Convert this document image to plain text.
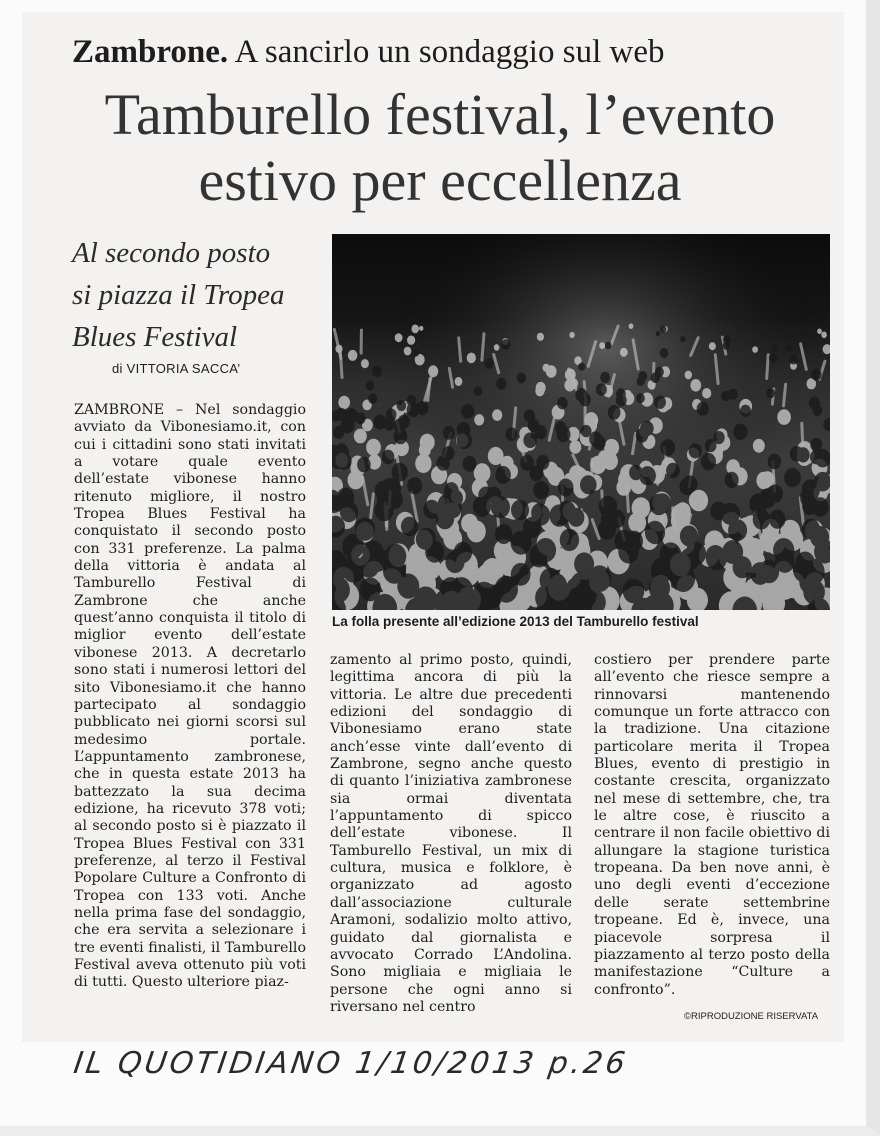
Zambrone. A sancirlo un sondaggio sul web
Tamburello festival, l’evento
estivo per eccellenza
Al secondo posto
si piazza il Tropea
Blues Festival
di VITTORIA SACCA’
La folla presente all’edizione 2013 del Tamburello festival

ZAMBRONE – Nel sondaggio avviato da Vibonesiamo.it, con cui i cittadini sono stati invitati a votare quale evento dell’estate vibonese hanno ritenuto migliore, il nostro Tropea Blues Festival ha conquistato il secondo posto con 331 preferenze. La palma della vittoria è andata al Tamburello Festival di Zambrone che anche quest’anno conquista il titolo di miglior evento dell’estate vibonese 2013. A decretarlo sono stati i numerosi lettori del sito Vibonesiamo.it che hanno partecipato al sondaggio pubblicato nei giorni scorsi sul medesimo portale. L’appuntamento zambronese, che in questa estate 2013 ha battezzato la sua decima edizione, ha ricevuto 378 voti; al secondo posto si è piazzato il Tropea Blues Festival con 331 preferenze, al terzo il Festival Popolare Culture a Confronto di Tropea con 133 voti. Anche nella prima fase del sondaggio, che era servita a selezionare i tre eventi finalisti, il Tamburello Festival aveva ottenuto più voti di tutti. Questo ulteriore piaz-

zamento al primo posto, quindi, legittima ancora di più la vittoria. Le altre due precedenti edizioni del sondaggio di Vibonesiamo erano state anch’esse vinte dall’evento di Zambrone, segno anche questo di quanto l’iniziativa zambronese sia ormai diventata l’appuntamento di spicco dell’estate vibonese. Il Tamburello Festival, un mix di cultura, musica e folklore, è organizzato ad agosto dall’associazione culturale Aramoni, sodalizio molto attivo, guidato dal giornalista e avvocato Corrado L’Andolina. Sono migliaia e migliaia le persone che ogni anno si riversano nel centro

costiero per prendere parte all’evento che riesce sempre a rinnovarsi mantenendo comunque un forte attracco con la tradizione. Una citazione particolare merita il Tropea Blues, evento di prestigio in costante crescita, organizzato nel mese di settembre, che, tra le altre cose, è riuscito a centrare il non facile obiettivo di allungare la stagione turistica tropeana. Da ben nove anni, è uno degli eventi d’eccezione delle serate settembrine tropeane. Ed è, invece, una piacevole sorpresa il piazzamento al terzo posto della manifestazione “Culture a confronto”.

©RIPRODUZIONE RISERVATA
IL QUOTIDIANO 1/10/2013 p.26
